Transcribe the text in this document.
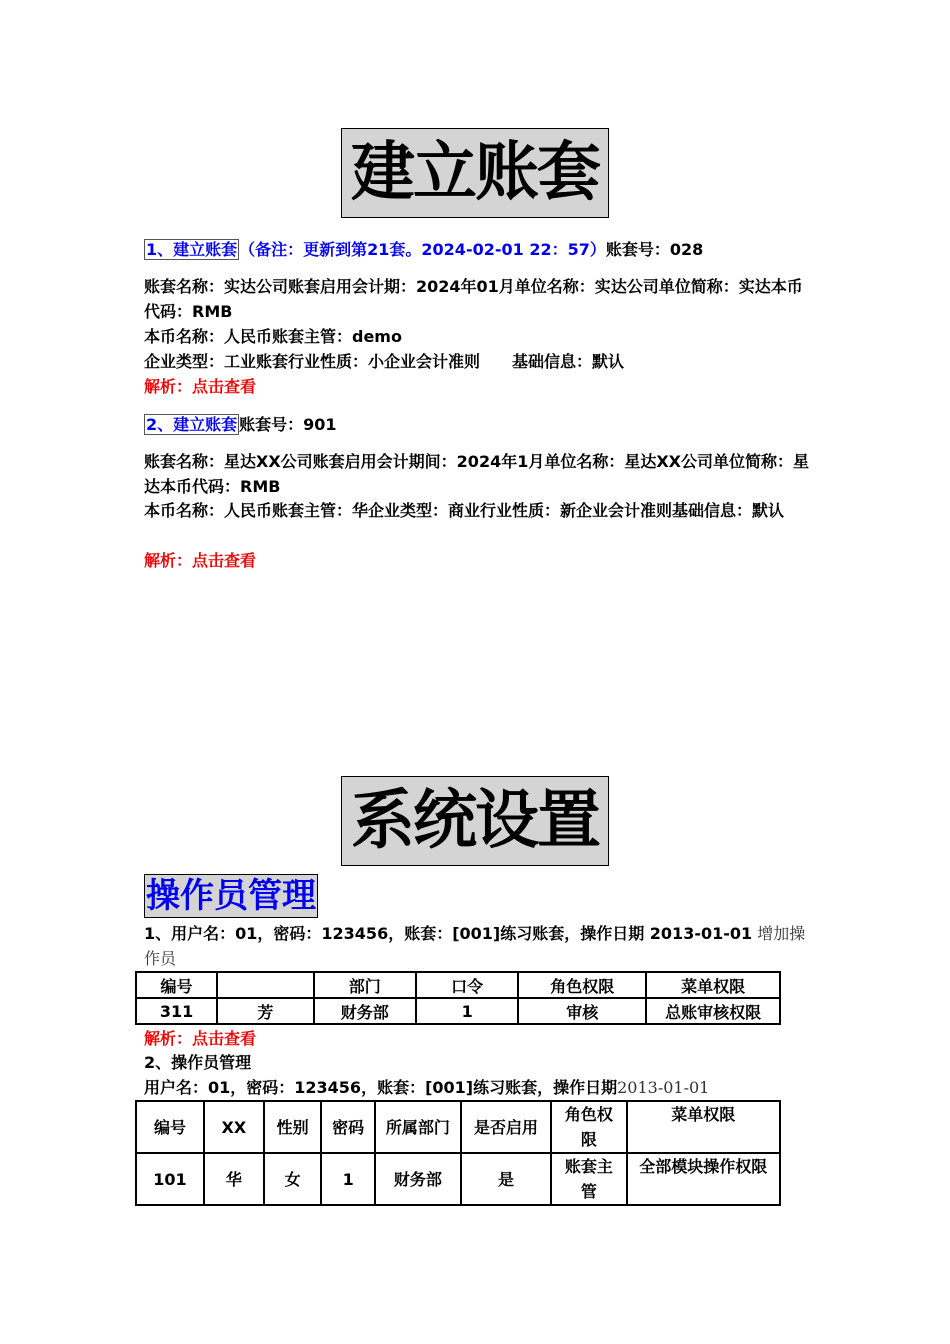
建立账套
1、建立账套 （备注：更新到第21套。2024-02-01 22：57）账套号：028
账套名称：实达公司账套启用会计期：2024年01月单位名称：实达公司单位简称：实达本币代码：RMB
本币名称：人民币账套主管：demo
企业类型：工业账套行业性质：小企业会计准则　　基础信息：默认
解析：点击查看
2、建立账套 账套号：901
账套名称：星达XX公司账套启用会计期间：2024年1月单位名称：星达XX公司单位简称：星达本币代码：RMB
本币名称：人民币账套主管：华企业类型：商业行业性质：新企业会计准则基础信息：默认
解析：点击查看
系统设置
操作员管理
1、用户名：01，密码：123456，账套：[001]练习账套，操作日期 2013-01-01 增加操作员
编号		部门	口令	角色权限	菜单权限
311	芳	财务部	1	审核	总账审核权限
解析：点击查看
2、操作员管理
用户名：01，密码：123456，账套：[001]练习账套，操作日期2013-01-01
编号	XX	性别	密码	所属部门	是否启用	角色权限	菜单权限
101	华	女	1	财务部	是	账套主管	全部模块操作权限
